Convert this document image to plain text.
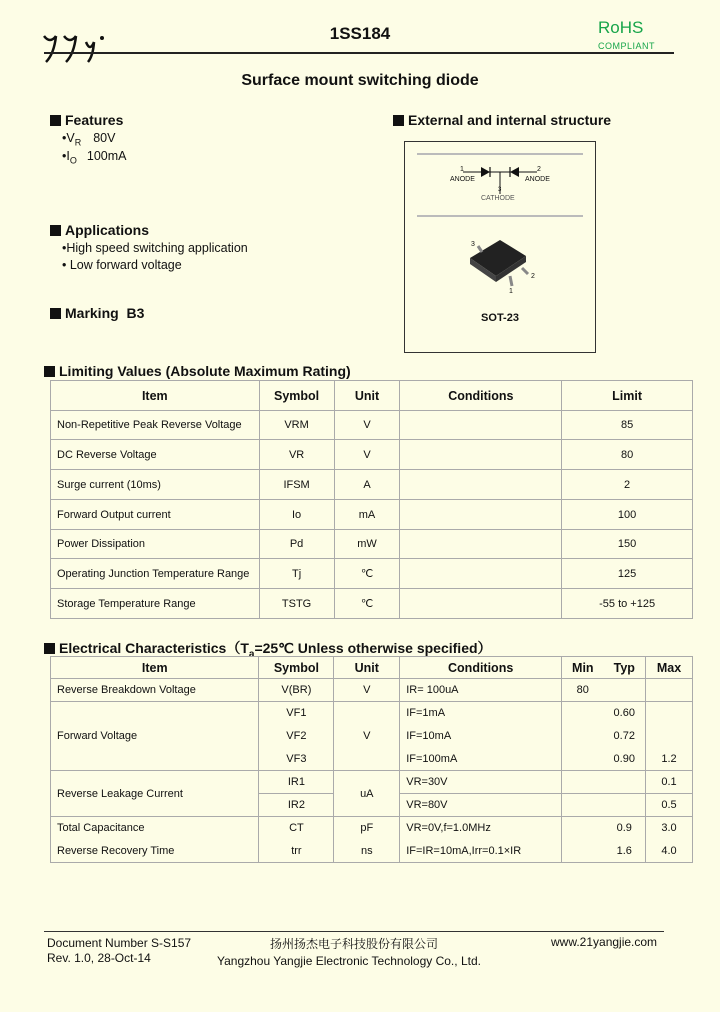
1SS184	RoHS
COMPLIANT
Surface mount switching diode
Features
$•V_R$ 80V
$•I_O$ 100mA
Applications
•High speed switching application
• Low forward voltage
Marking B3
External and internal structure
1
ANODE
2
ANODE
3
CATHODE
3
2
1
SOT-23
Limiting Values (Absolute Maximum Rating)
Item	Symbol	Unit	Conditions	Limit
Non-Repetitive Peak Reverse Voltage	VRM	V		85
DC Reverse Voltage	VR	V		80
Surge current (10ms)	IFSM	A		2
Forward Output current	Io	mA		100
Power Dissipation	Pd	mW		150
Operating Junction Temperature Range	Tj	℃		125
Storage Temperature Range	TSTG	℃		-55 to +125
Electrical $Characteristics(T_a=25℃$ Unless otherwise specified）
Item	Symbol	Unit	Conditions	Min	Typ	Max
Reverse Breakdown Voltage	V(BR)	V	IR= 100uA	80		
Forward Voltage	VF1	V	IF=1mA		0.60	
	VF2		IF=10mA		0.72	
	VF3		IF=100mA		0.90	1.2
Reverse Leakage Current	IR1	uA	VR=30V			0.1
	IR2		VR=80V			0.5
Total Capacitance	CT	pF	VR=0V,f=1.0MHz		0.9	3.0
Reverse Recovery Time	trr	ns	IF=IR=10mA,Irr=0.1×IR		1.6	4.0
Document Number S-S157
Rev. 1.0, 28-Oct-14
扬州扬杰电子科技股份有限公司
Yangzhou Yangjie Electronic Technology Co., Ltd.
www.21yangjie.com
